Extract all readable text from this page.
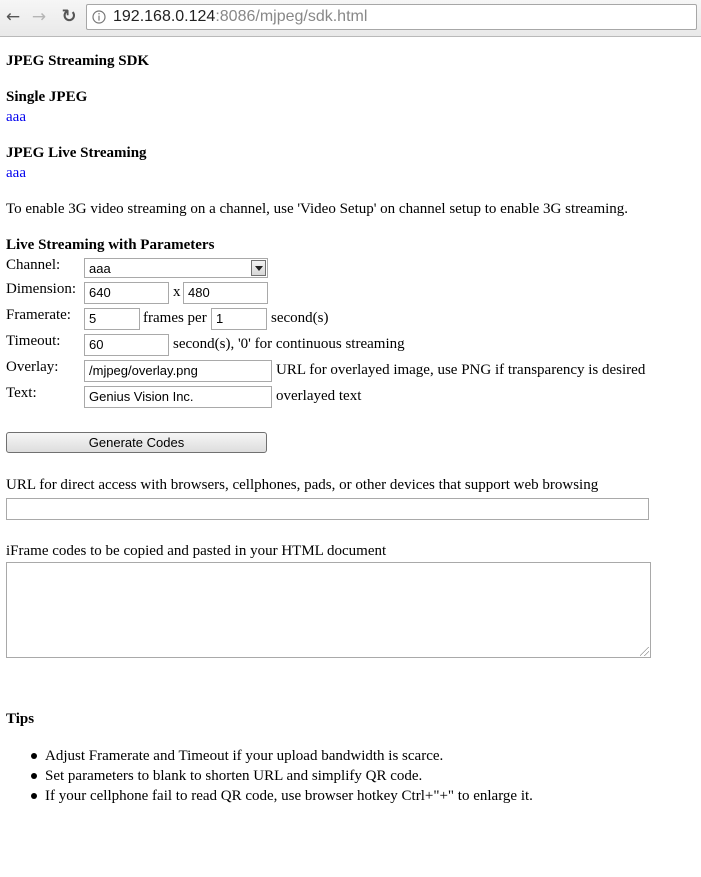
← → ↻ 192.168.0.124:8086/mjpeg/sdk.html
JPEG Streaming SDK
Single JPEG
aaa
JPEG Live Streaming
aaa
To enable 3G video streaming on a channel, use 'Video Setup' on channel setup to enable 3G streaming.
Live Streaming with Parameters
Channel: aaa
Dimension:	640	x 480
Framerate:	5	frames per 1	second(s)
Timeout:	60	second(s), '0' for continuous streaming
Overlay:	/mjpeg/overlay.png	URL for overlayed image, use PNG if transparency is desired
Text:	Genius Vision Inc.	overlayed text
Generate Codes
URL for direct access with browsers, cellphones, pads, or other devices that support web browsing
iFrame codes to be copied and pasted in your HTML document
Tips
Adjust Framerate and Timeout if your upload bandwidth is scarce.
Set parameters to blank to shorten URL and simplify QR code.
If your cellphone fail to read QR code, use browser hotkey Ctrl+"+" to enlarge it.
